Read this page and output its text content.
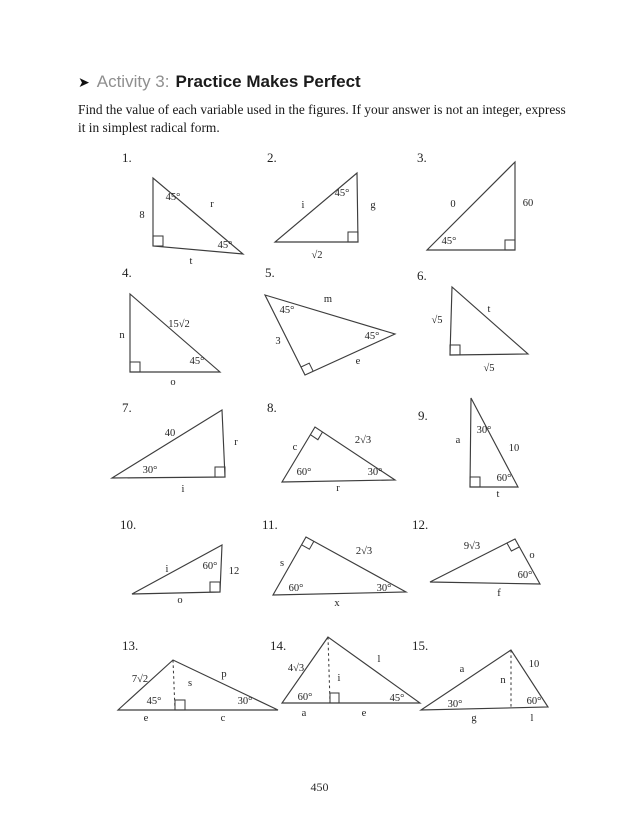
➤ Activity 3: Practice Makes Perfect
Find the value of each variable used in the figures. If your answer is not an integer, express it in simplest radical form.
1.
45°
8
r
45°
t
2.
i
45°
g
√2
3.
0	60
45°
4.
n
15√2
45°
o
5.
45°
m
3	45°
e
6.
√5
t
√5
7.
40
r
30°
i
8.
c
2√3
60°	30°
r
9.
30°
a
10
60°
t
10.
i	60° 12
o
11.
s
2√3
60°	30°
x
12.
9√3
o
60°
f
13.
7√2
45°
s
p
30°
e	c
14.
4√3
60°
i
l
45°
a	e
15.
a	10
n
30°	60°
g	l
450
